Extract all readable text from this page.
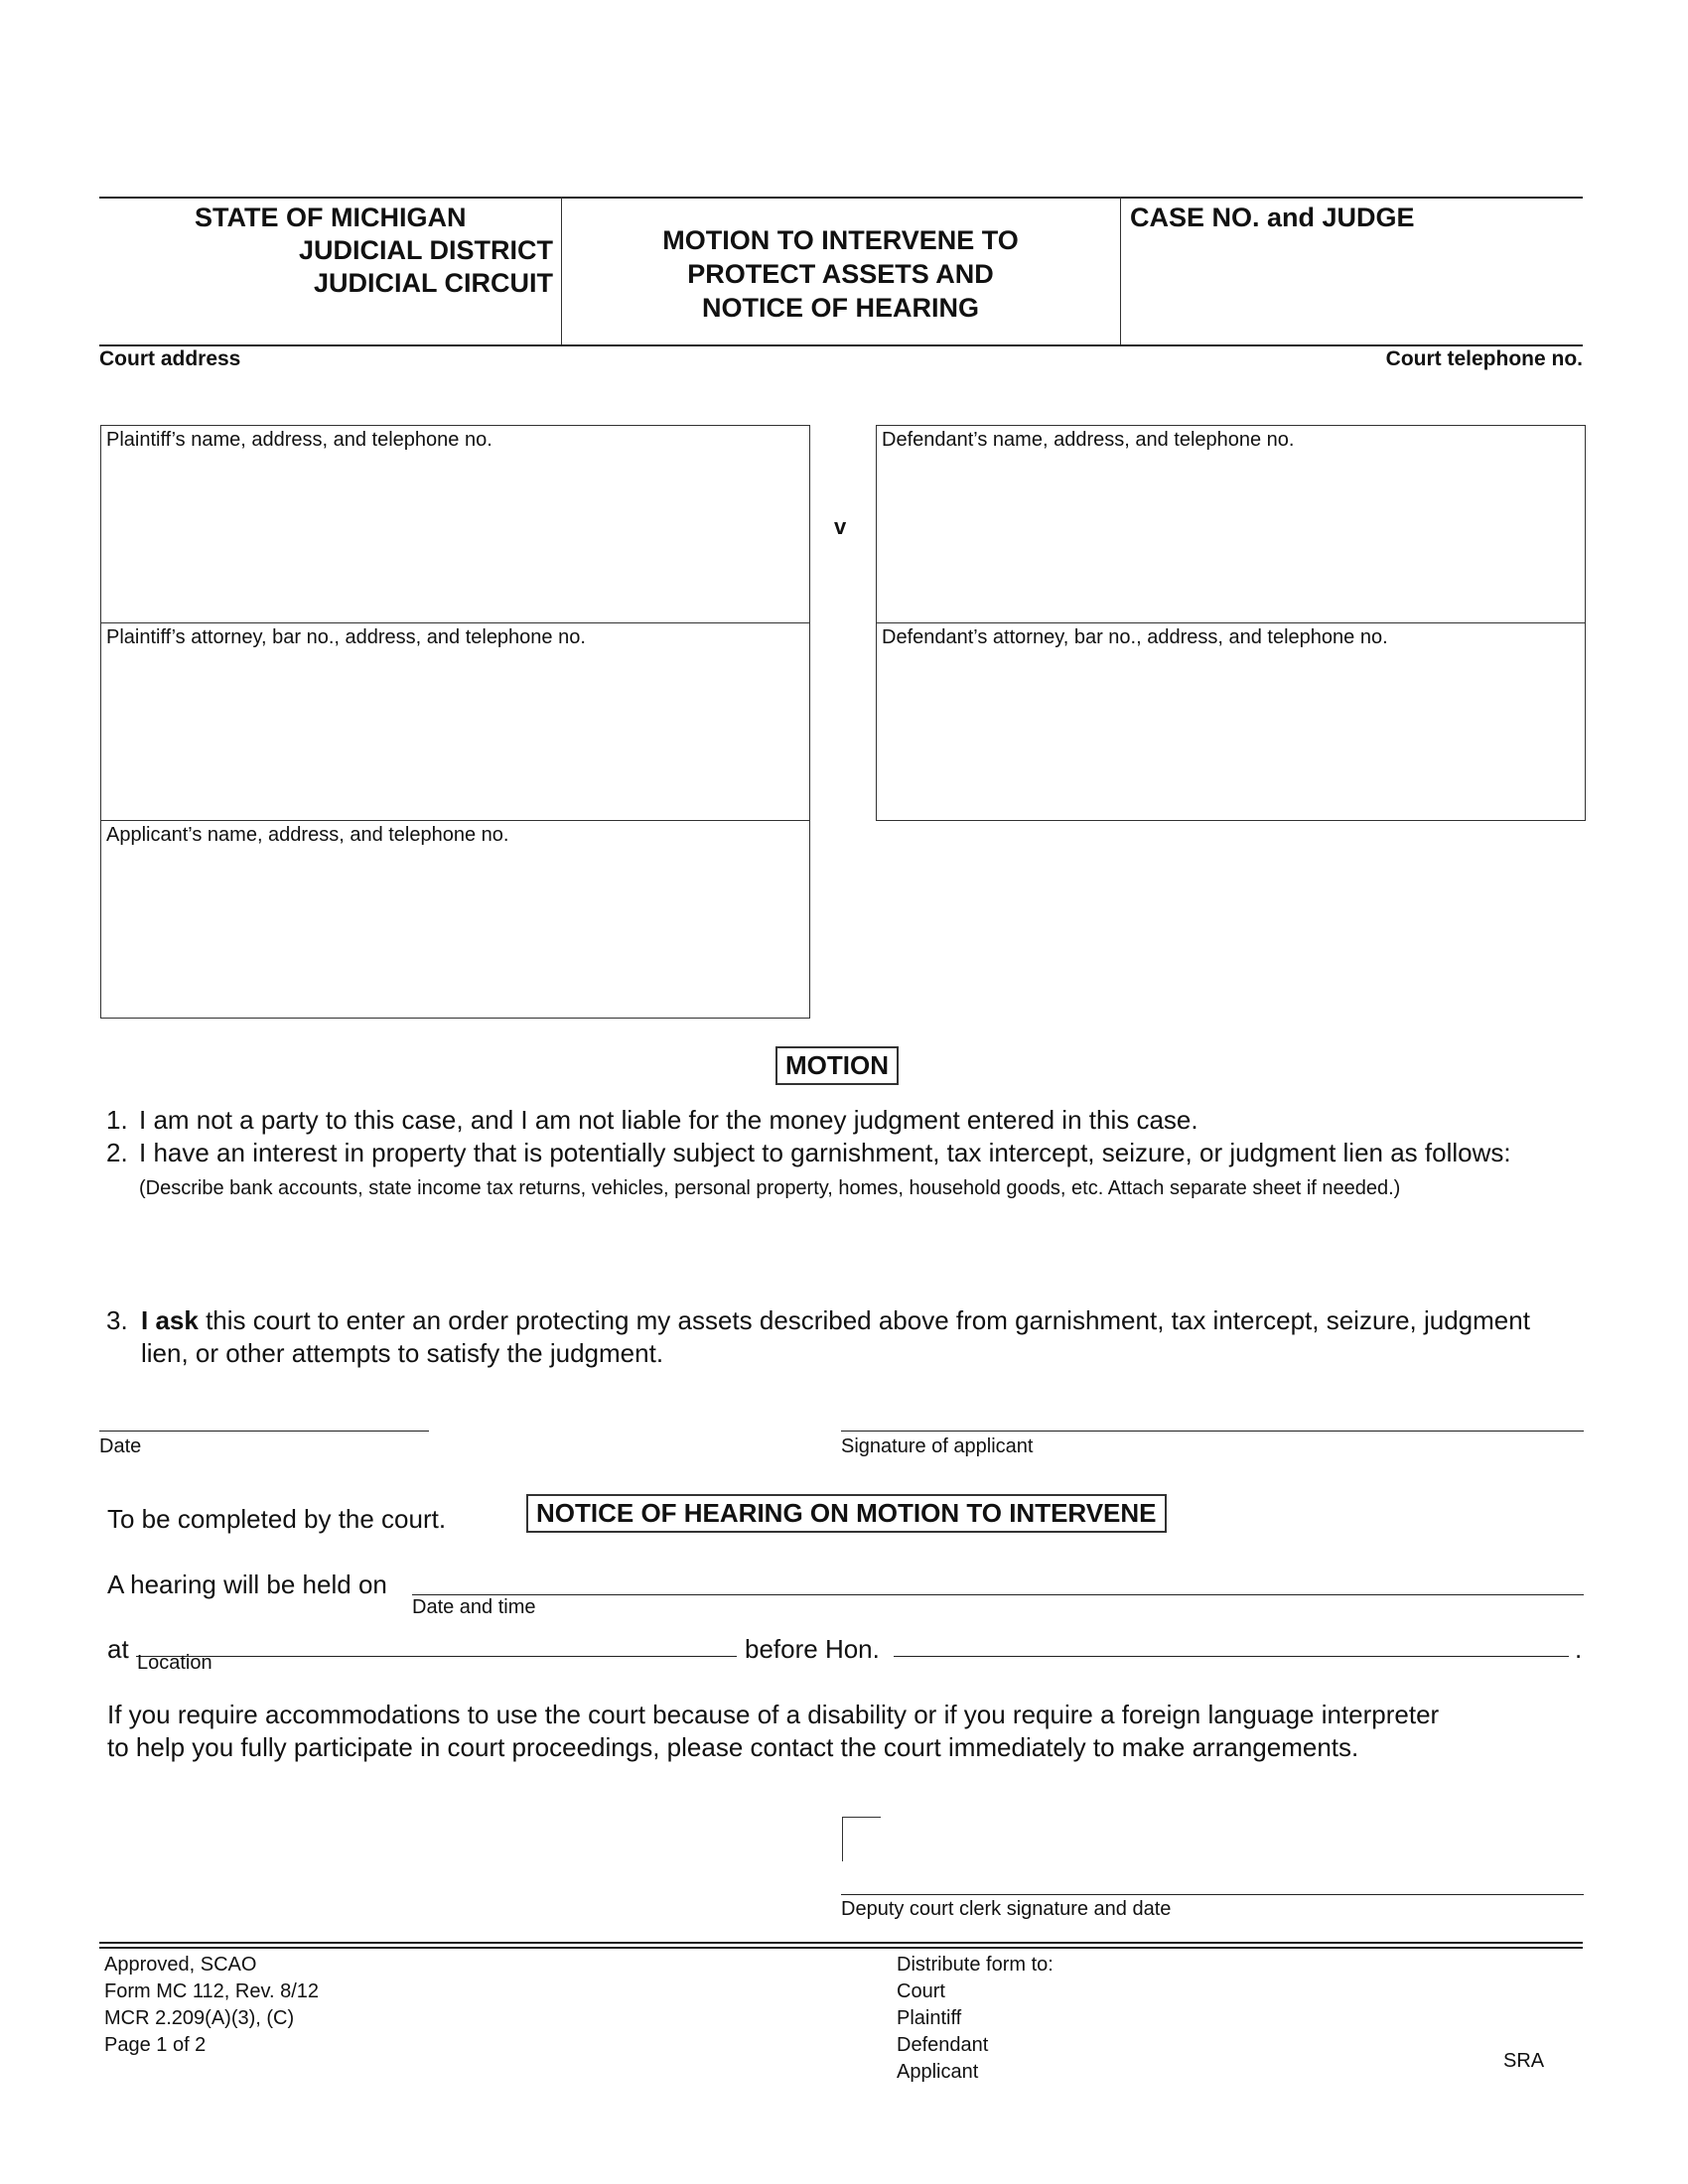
STATE OF MICHIGAN
JUDICIAL DISTRICT
JUDICIAL CIRCUIT
MOTION TO INTERVENE TO
PROTECT ASSETS AND
NOTICE OF HEARING
CASE NO. and JUDGE
Court address	Court telephone no.
Plaintiff’s name, address, and telephone no.
Plaintiff’s attorney, bar no., address, and telephone no.
Applicant’s name, address, and telephone no.
v
Defendant’s name, address, and telephone no.
Defendant’s attorney, bar no., address, and telephone no.
MOTION
1. I am not a party to this case, and I am not liable for the money judgment entered in this case.
2. I have an interest in property that is potentially subject to garnishment, tax intercept, seizure, or judgment lien as follows:
(Describe bank accounts, state income tax returns, vehicles, personal property, homes, household goods, etc. Attach separate sheet if needed.)
3. I ask this court to enter an order protecting my assets described above from garnishment, tax intercept, seizure, judgment
lien, or other attempts to satisfy the judgment.
Date	Signature of applicant
To be completed by the court.	NOTICE OF HEARING ON MOTION TO INTERVENE
A hearing will be held on
Date and time
at Location	before Hon.	.
If you require accommodations to use the court because of a disability or if you require a foreign language interpreter
to help you fully participate in court proceedings, please contact the court immediately to make arrangements.
Deputy court clerk signature and date
Approved, SCAO
Form MC 112, Rev. 8/12
MCR 2.209(A)(3), (C)
Page 1 of 2
Distribute form to:
Court
Plaintiff
Defendant
Applicant	SRA
